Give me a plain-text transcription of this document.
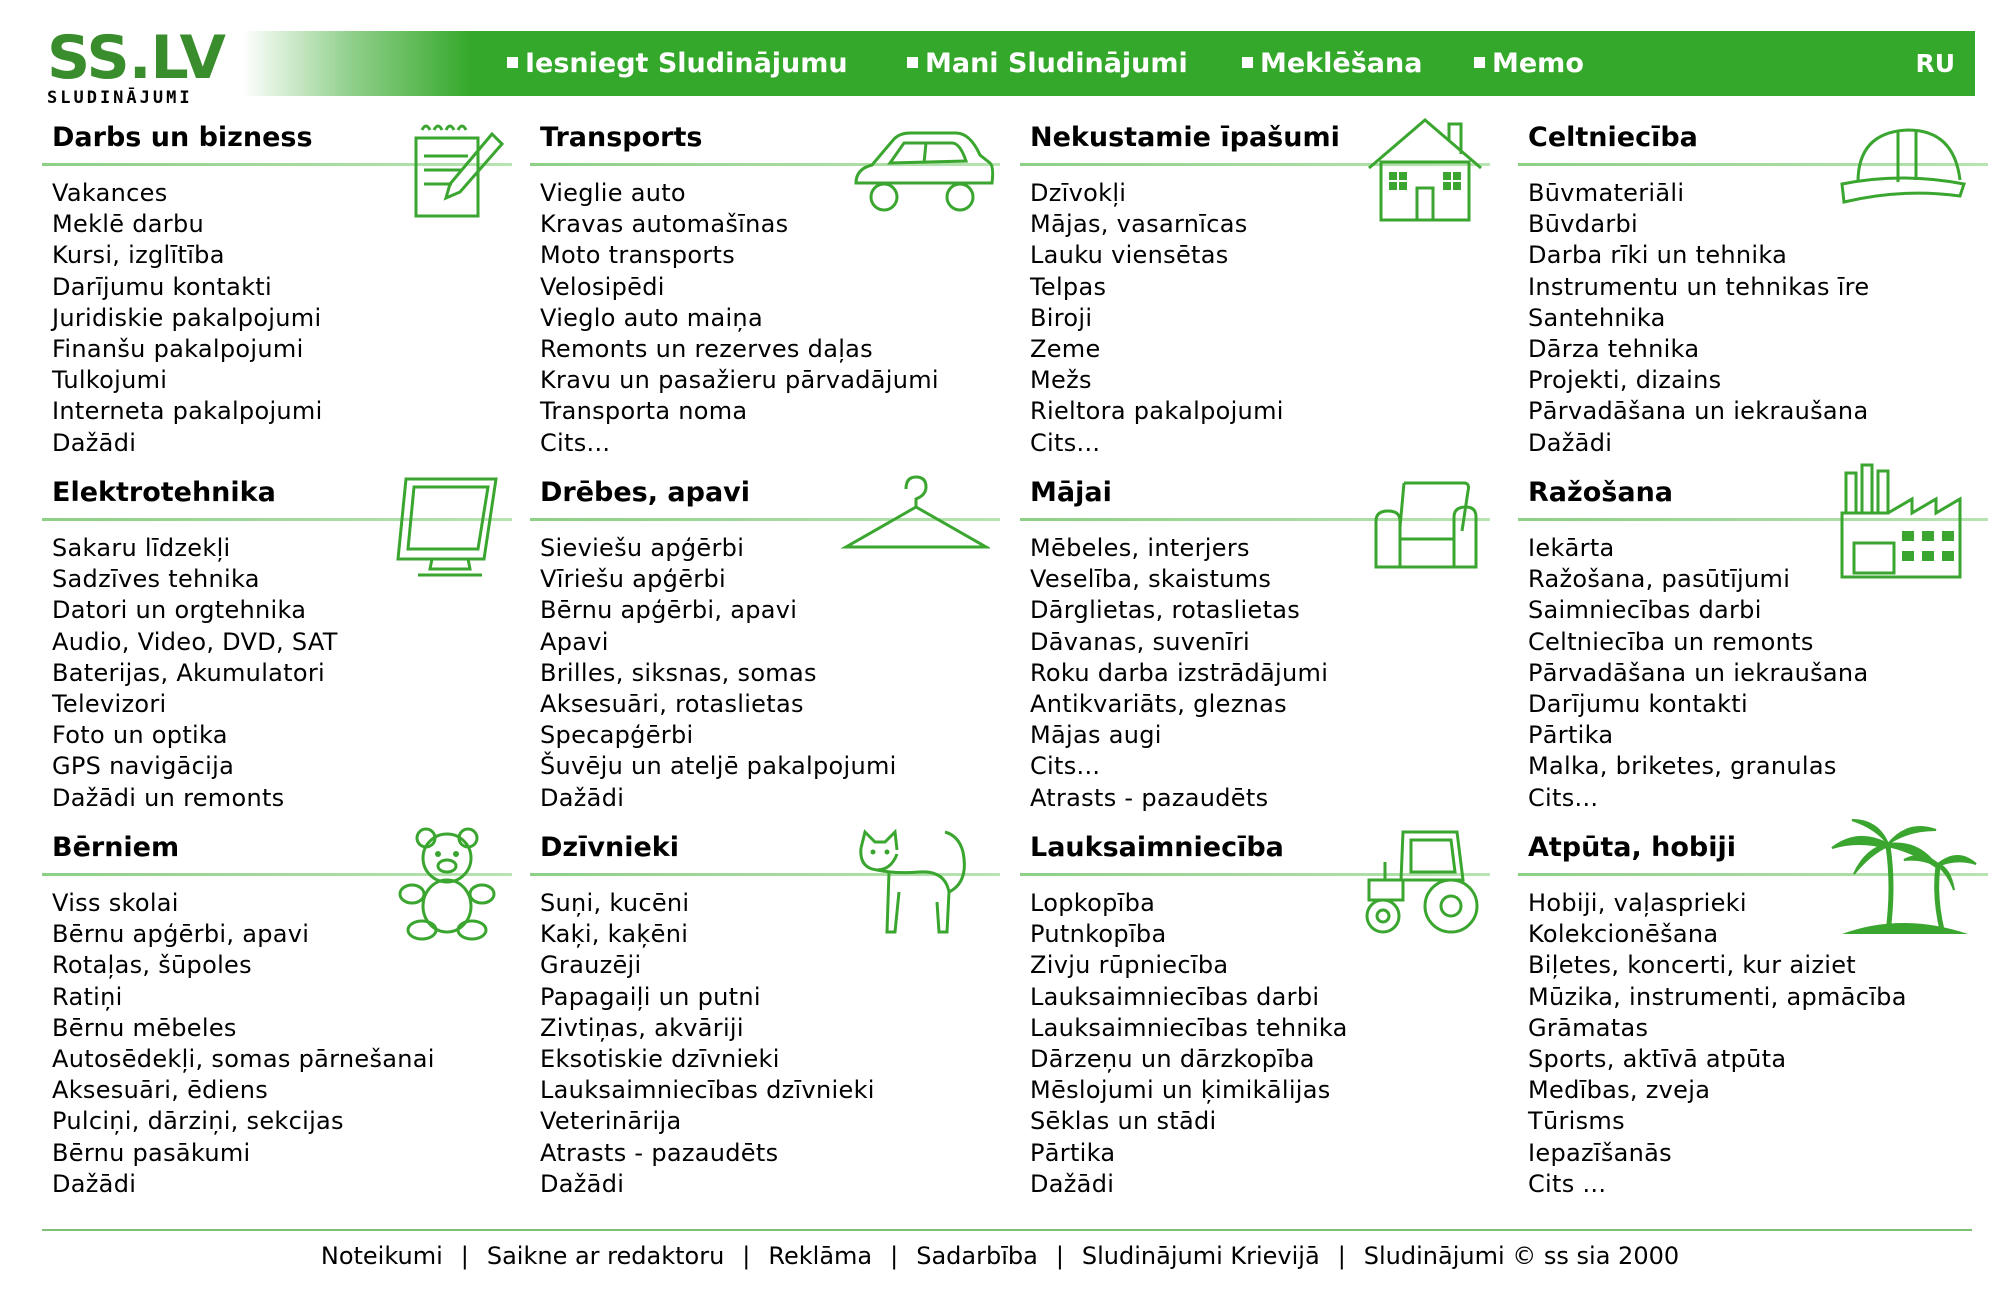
SS.LV
SLUDINĀJUMI
Iesniegt Sludinājumu	Mani Sludinājumi	Meklēšana	Memo	RU
Darbs un bizness
Vakances
Meklē darbu
Kursi, izglītība
Darījumu kontakti
Juridiskie pakalpojumi
Finanšu pakalpojumi
Tulkojumi
Interneta pakalpojumi
Dažādi
Transports
Vieglie auto
Kravas automašīnas
Moto transports
Velosipēdi
Vieglo auto maiņa
Remonts un rezerves daļas
Kravu un pasažieru pārvadājumi
Transporta noma
Cits...
Nekustamie īpašumi
Dzīvokļi
Mājas, vasarnīcas
Lauku viensētas
Telpas
Biroji
Zeme
Mežs
Rieltora pakalpojumi
Cits...
Celtniecība
Būvmateriāli
Būvdarbi
Darba rīki un tehnika
Instrumentu un tehnikas īre
Santehnika
Dārza tehnika
Projekti, dizains
Pārvadāšana un iekraušana
Dažādi
Elektrotehnika
Sakaru līdzekļi
Sadzīves tehnika
Datori un orgtehnika
Audio, Video, DVD, SAT
Baterijas, Akumulatori
Televizori
Foto un optika
GPS navigācija
Dažādi un remonts
Drēbes, apavi
Sieviešu apģērbi
Vīriešu apģērbi
Bērnu apģērbi, apavi
Apavi
Brilles, siksnas, somas
Aksesuāri, rotaslietas
Specapģērbi
Šuvēju un ateljē pakalpojumi
Dažādi
Mājai
Mēbeles, interjers
Veselība, skaistums
Dārglietas, rotaslietas
Dāvanas, suvenīri
Roku darba izstrādājumi
Antikvariāts, gleznas
Mājas augi
Cits...
Atrasts - pazaudēts
Ražošana
Iekārta
Ražošana, pasūtījumi
Saimniecības darbi
Celtniecība un remonts
Pārvadāšana un iekraušana
Darījumu kontakti
Pārtika
Malka, briketes, granulas
Cits...
Bērniem
Viss skolai
Bērnu apģērbi, apavi
Rotaļas, šūpoles
Ratiņi
Bērnu mēbeles
Autosēdekļi, somas pārnešanai
Aksesuāri, ēdiens
Pulciņi, dārziņi, sekcijas
Bērnu pasākumi
Dažādi
Dzīvnieki
Suņi, kucēni
Kaķi, kaķēni
Grauzēji
Papagaiļi un putni
Zivtiņas, akvāriji
Eksotiskie dzīvnieki
Lauksaimniecības dzīvnieki
Veterinārija
Atrasts - pazaudēts
Dažādi
Lauksaimniecība
Lopkopība
Putnkopība
Zivju rūpniecība
Lauksaimniecības darbi
Lauksaimniecības tehnika
Dārzeņu un dārzkopība
Mēslojumi un ķimikālijas
Sēklas un stādi
Pārtika
Dažādi
Atpūta, hobiji
Hobiji, vaļasprieki
Kolekcionēšana
Biļetes, koncerti, kur aiziet
Mūzika, instrumenti, apmācība
Grāmatas
Sports, aktīvā atpūta
Medības, zveja
Tūrisms
Iepazīšanās
Cits ...
Noteikumi | Saikne ar redaktoru | Reklāma | Sadarbība | Sludinājumi Krievijā | Sludinājumi © ss sia 2000
